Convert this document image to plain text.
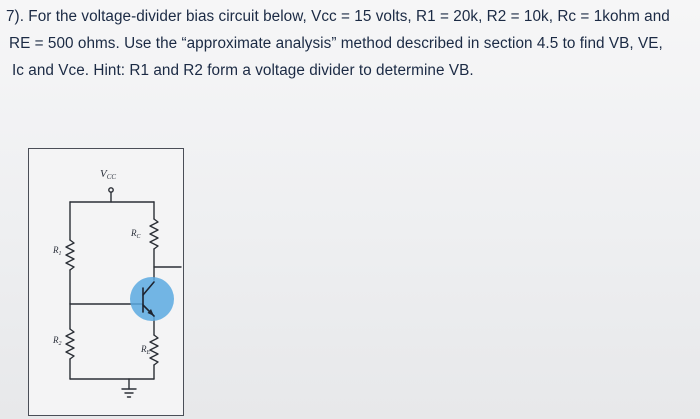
7). For the voltage-divider bias circuit below, Vcc = 15 volts, R1 = 20k, R2 = 10k, Rc = 1kohm and
RE = 500 ohms. Use the “approximate analysis” method described in section 4.5 to find VB, VE,
Ic and Vce. Hint: R1 and R2 form a voltage divider to determine VB.
VCC
$R_1$
$R_2$
$R_C$
$R_E$
